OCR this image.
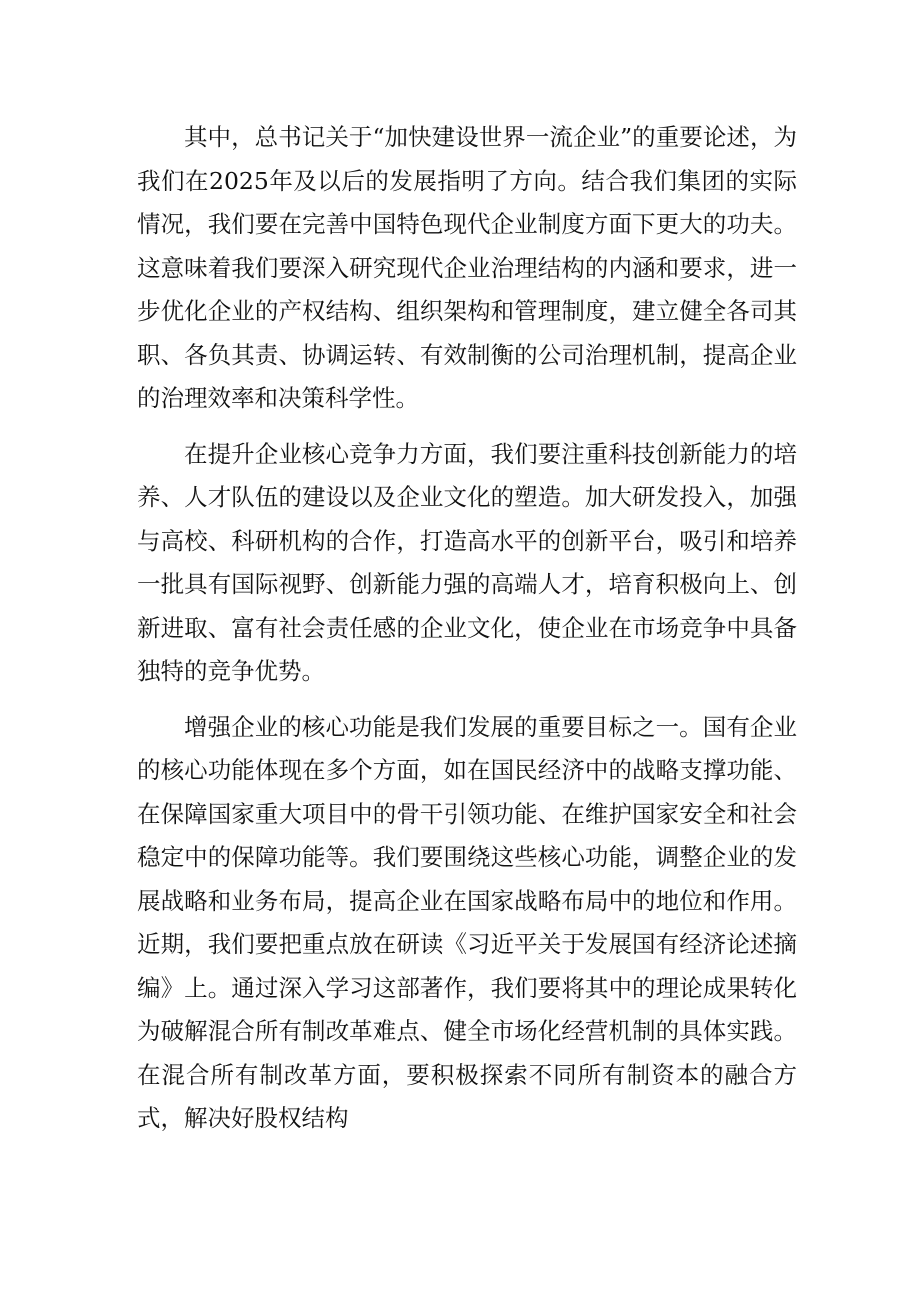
其中，总书记关于“加快建设世界一流企业”的重要论述，为我们在2025年及以后的发展指明了方向。结合我们集团的实际情况，我们要在完善中国特色现代企业制度方面下更大的功夫。这意味着我们要深入研究现代企业治理结构的内涵和要求，进一步优化企业的产权结构、组织架构和管理制度，建立健全各司其职、各负其责、协调运转、有效制衡的公司治理机制，提高企业的治理效率和决策科学性。

在提升企业核心竞争力方面，我们要注重科技创新能力的培养、人才队伍的建设以及企业文化的塑造。加大研发投入，加强与高校、科研机构的合作，打造高水平的创新平台，吸引和培养一批具有国际视野、创新能力强的高端人才，培育积极向上、创新进取、富有社会责任感的企业文化，使企业在市场竞争中具备独特的竞争优势。

增强企业的核心功能是我们发展的重要目标之一。国有企业的核心功能体现在多个方面，如在国民经济中的战略支撑功能、在保障国家重大项目中的骨干引领功能、在维护国家安全和社会稳定中的保障功能等。我们要围绕这些核心功能，调整企业的发展战略和业务布局，提高企业在国家战略布局中的地位和作用。近期，我们要把重点放在研读《习近平关于发展国有经济论述摘编》上。通过深入学习这部著作，我们要将其中的理论成果转化为破解混合所有制改革难点、健全市场化经营机制的具体实践。在混合所有制改革方面，要积极探索不同所有制资本的融合方式，解决好股权结构
